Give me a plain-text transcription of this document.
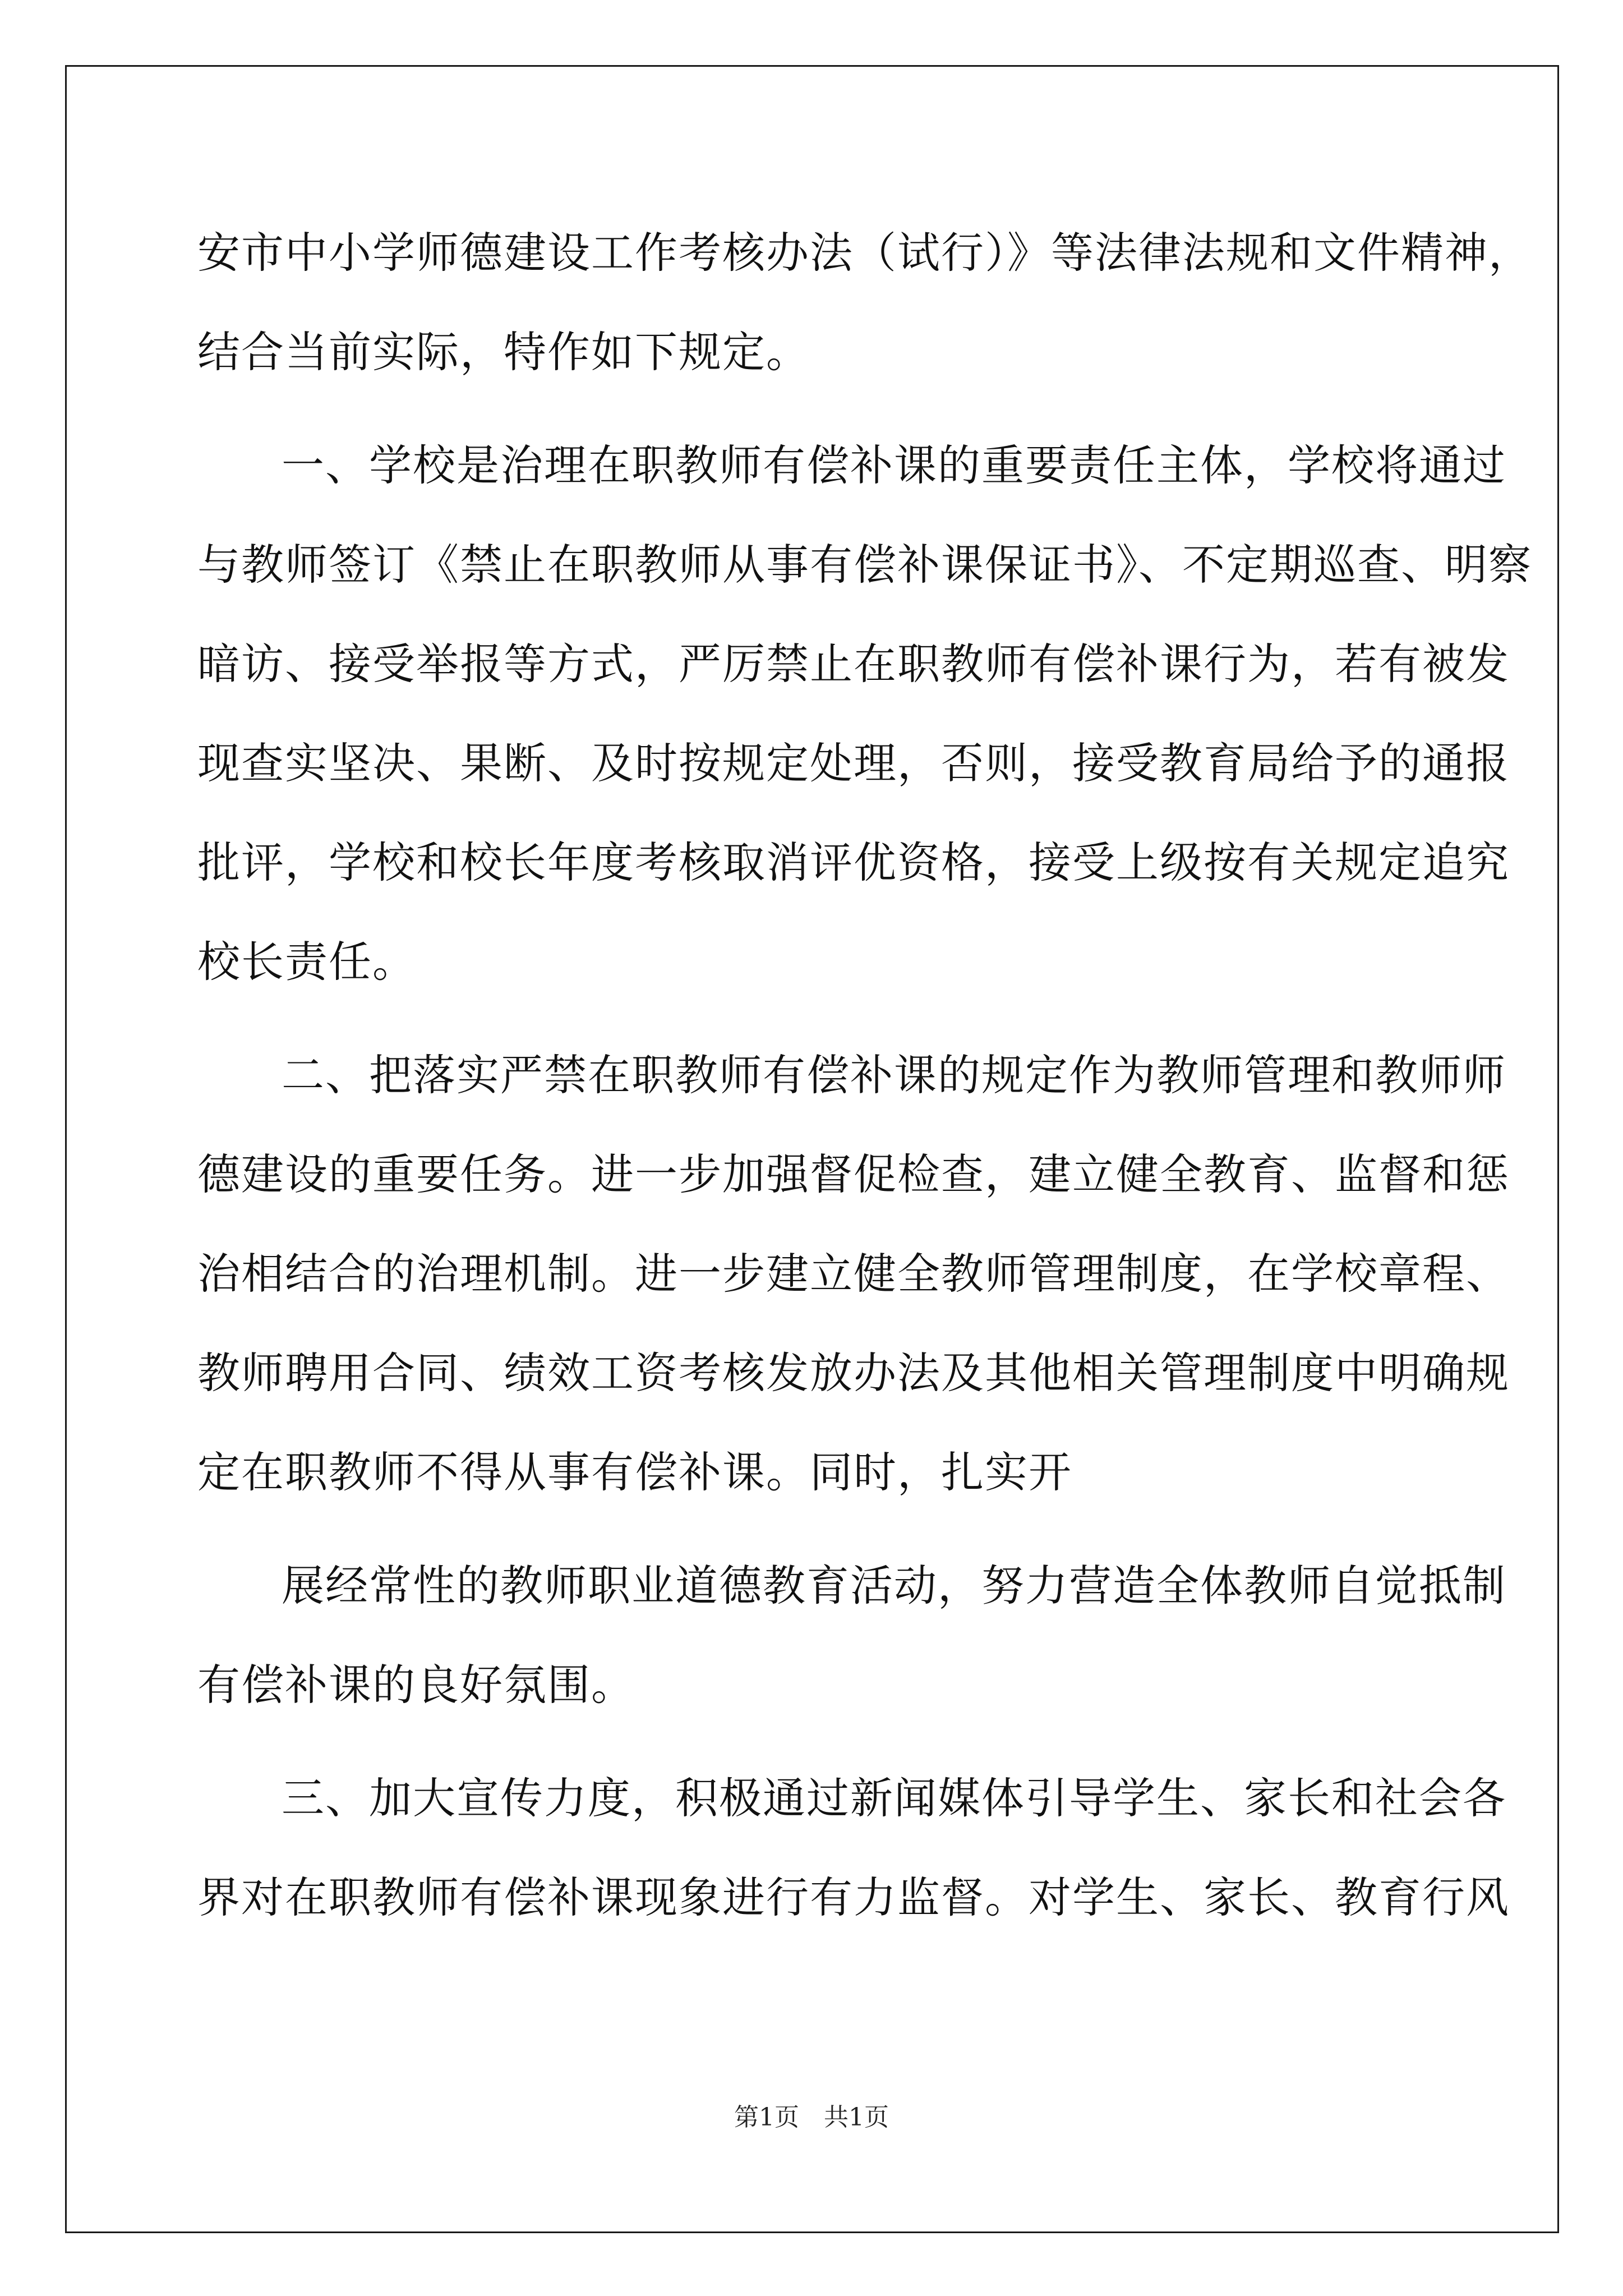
安市中小学师德建设工作考核办法（试行）》等法律法规和文件精神，
结合当前实际，特作如下规定。
一、学校是治理在职教师有偿补课的重要责任主体，学校将通过
与教师签订《禁止在职教师从事有偿补课保证书》、不定期巡查、明察
暗访、接受举报等方式，严厉禁止在职教师有偿补课行为，若有被发
现查实坚决、果断、及时按规定处理，否则，接受教育局给予的通报
批评，学校和校长年度考核取消评优资格，接受上级按有关规定追究
校长责任。
二、把落实严禁在职教师有偿补课的规定作为教师管理和教师师
德建设的重要任务。进一步加强督促检查，建立健全教育、监督和惩
治相结合的治理机制。进一步建立健全教师管理制度，在学校章程、
教师聘用合同、绩效工资考核发放办法及其他相关管理制度中明确规
定在职教师不得从事有偿补课。同时，扎实开
展经常性的教师职业道德教育活动，努力营造全体教师自觉抵制
有偿补课的良好氛围。
三、加大宣传力度，积极通过新闻媒体引导学生、家长和社会各
界对在职教师有偿补课现象进行有力监督。对学生、家长、教育行风
第1页　共1页
